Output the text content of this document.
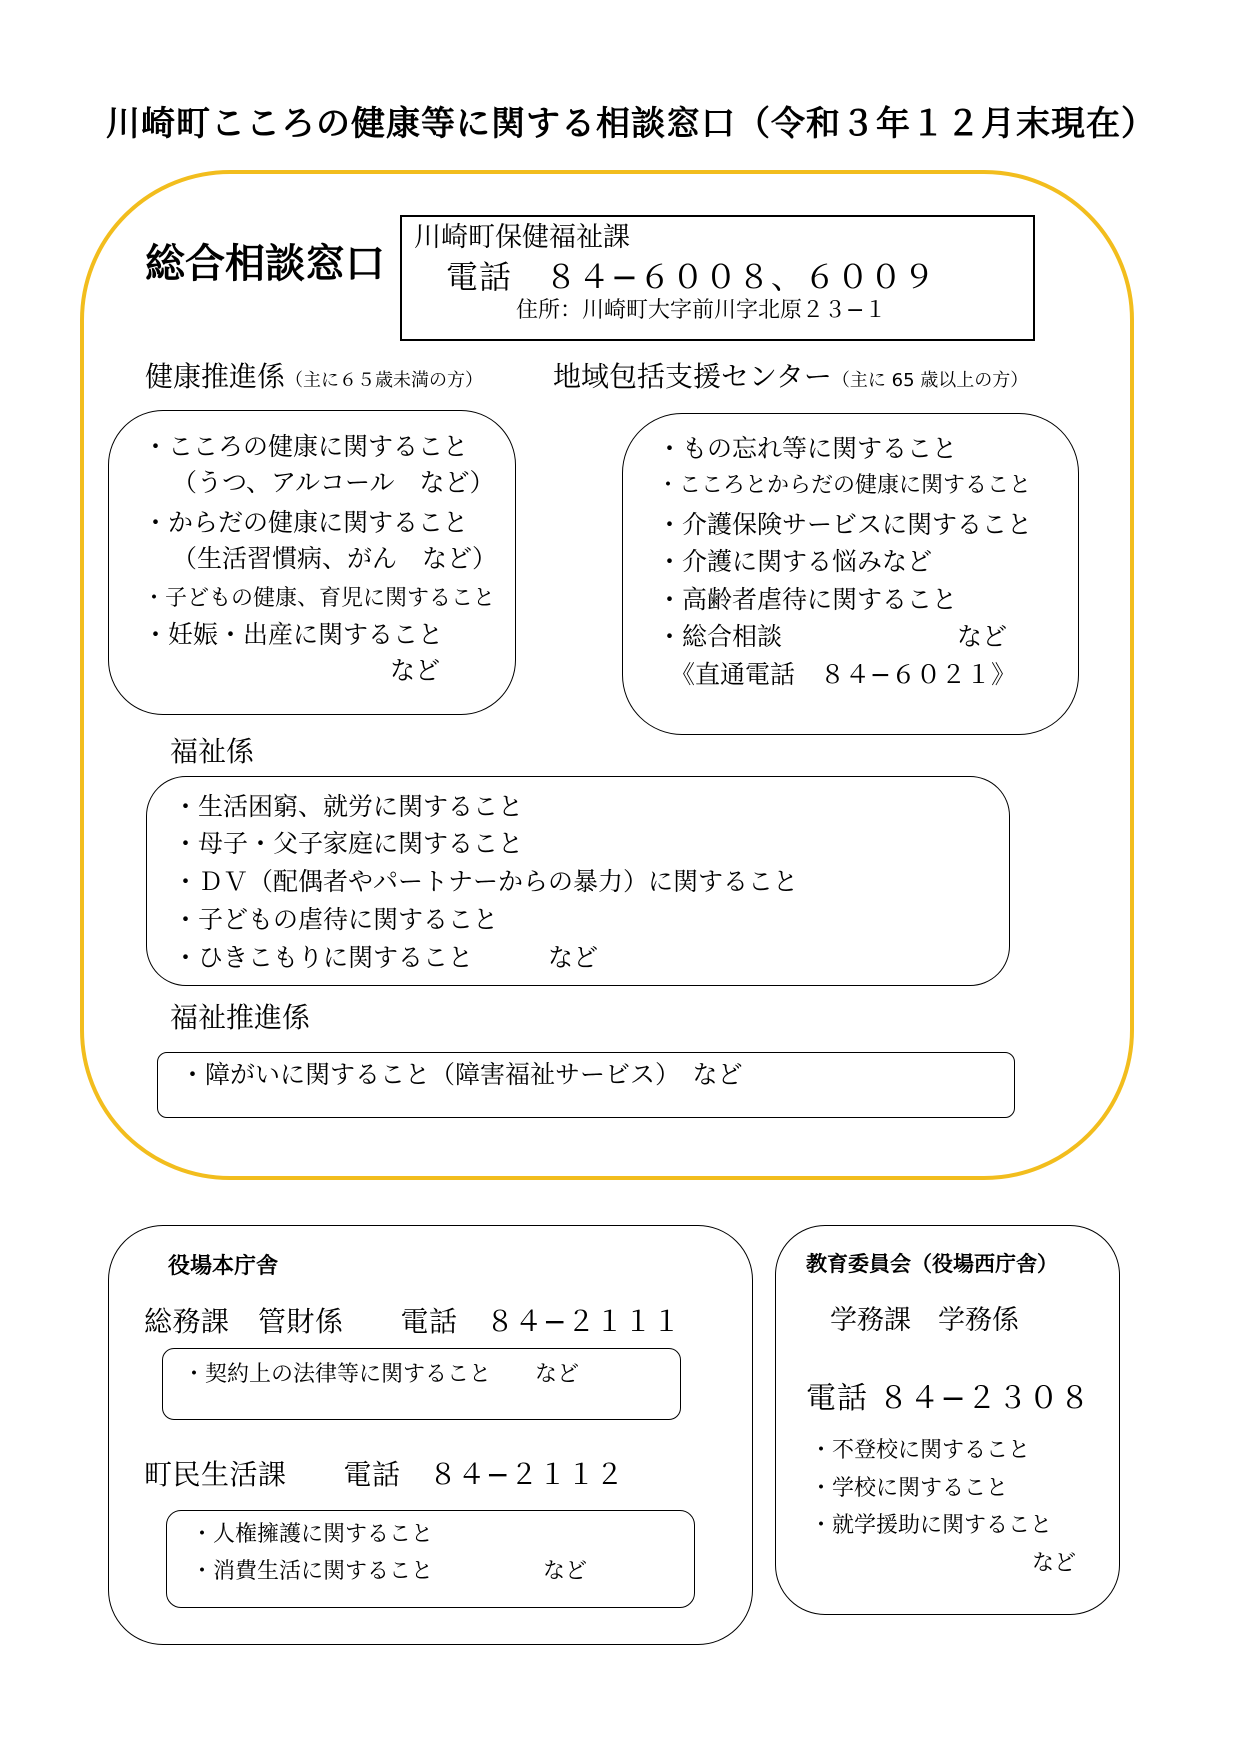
川崎町こころの健康等に関する相談窓口（令和３年１２月末現在）
総合相談窓口
川崎町保健福祉課
電話　８４−６００８、６００９
住所：川崎町大字前川字北原２３−１
健康推進係（主に６５歳未満の方）
・こころの健康に関すること
（うつ、アルコール　など）
・からだの健康に関すること
（生活習慣病、がん　など）
・子どもの健康、育児に関すること
・妊娠・出産に関すること
など
地域包括支援センター（主に 65 歳以上の方）
・もの忘れ等に関すること
・こころとからだの健康に関すること
・介護保険サービスに関すること
・介護に関する悩みなど
・高齢者虐待に関すること
・総合相談　　　　　　　など
《直通電話　８４−６０２１》
福祉係
・生活困窮、就労に関すること
・母子・父子家庭に関すること
・ＤＶ（配偶者やパートナーからの暴力）に関すること
・子どもの虐待に関すること
・ひきこもりに関すること　　　など
福祉推進係
・障がいに関すること（障害福祉サービス）　など
役場本庁舎
総務課　管財係　　電話　８４−２１１１
・契約上の法律等に関すること　　など
町民生活課　　電話　８４−２１１２
・人権擁護に関すること
・消費生活に関すること　　　　　など
教育委員会（役場西庁舎）
学務課　学務係
電話 ８４−２３０８
・不登校に関すること
・学校に関すること
・就学援助に関すること
など
